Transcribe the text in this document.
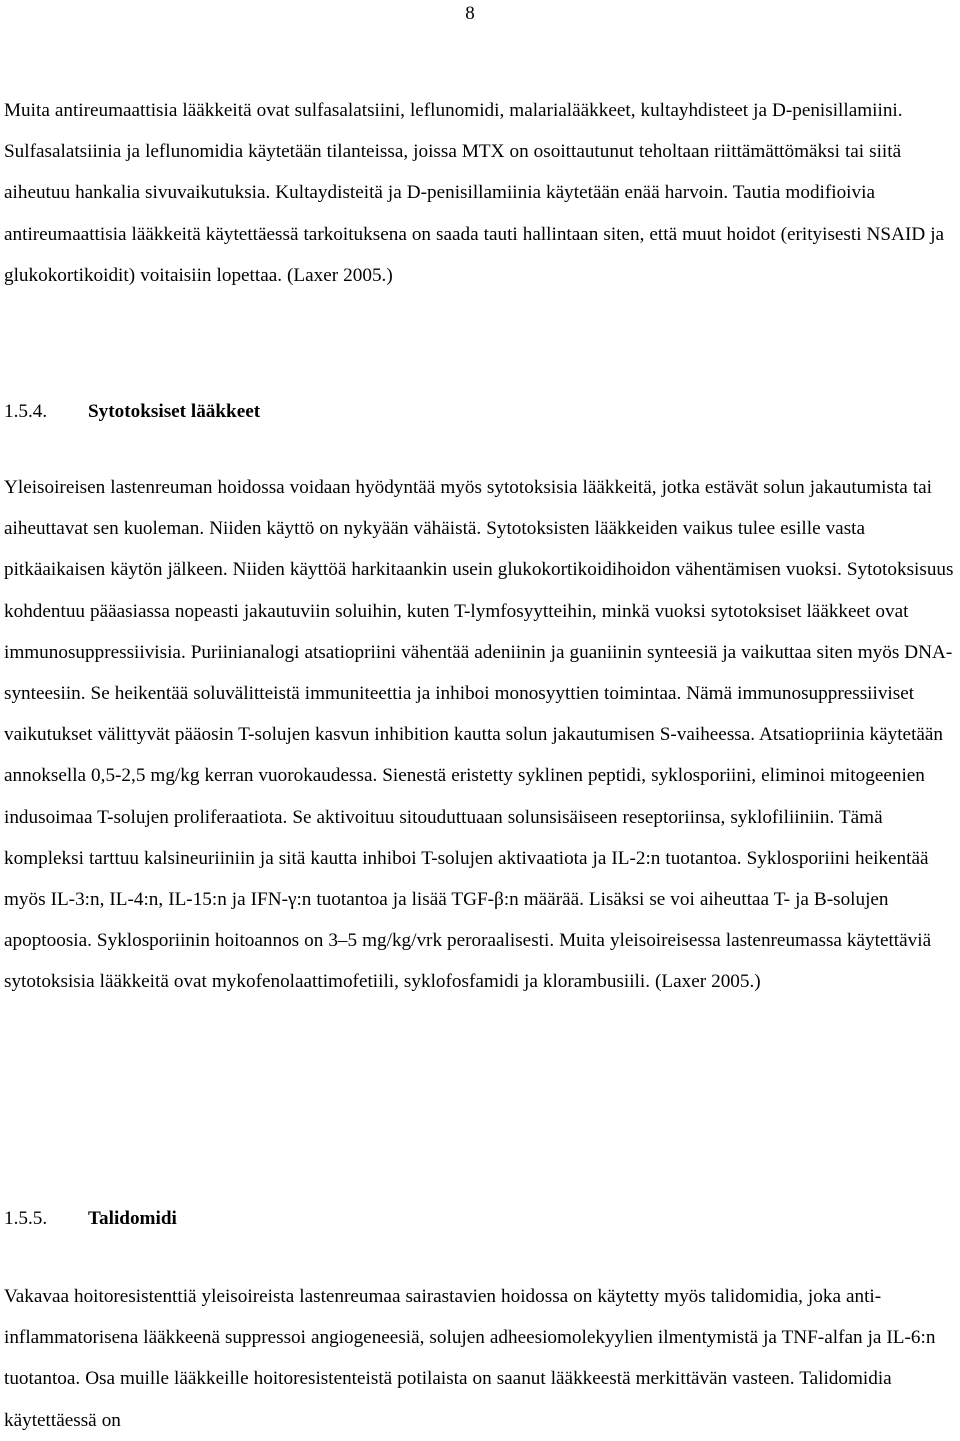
8

Muita antireumaattisia lääkkeitä ovat sulfasalatsiini, leflunomidi, malarialääkkeet, kultayhdisteet ja D-penisillamiini. Sulfasalatsiinia ja leflunomidia käytetään tilanteissa, joissa MTX on osoittautunut teholtaan riittämättömäksi tai siitä aiheutuu hankalia sivuvaikutuksia. Kultaydisteitä ja D-penisillamiinia käytetään enää harvoin. Tautia modifioivia antireumaattisia lääkkeitä käytettäessä tarkoituksena on saada tauti hallintaan siten, että muut hoidot (erityisesti NSAID ja glukokortikoidit) voitaisiin lopettaa. (Laxer 2005.)

1.5.4. Sytotoksiset lääkkeet

Yleisoireisen lastenreuman hoidossa voidaan hyödyntää myös sytotoksisia lääkkeitä, jotka estävät solun jakautumista tai aiheuttavat sen kuoleman. Niiden käyttö on nykyään vähäistä. Sytotoksisten lääkkeiden vaikus tulee esille vasta pitkäaikaisen käytön jälkeen. Niiden käyttöä harkitaankin usein glukokortikoidihoidon vähentämisen vuoksi. Sytotoksisuus kohdentuu pääasiassa nopeasti jakautuviin soluihin, kuten T-lymfosyytteihin, minkä vuoksi sytotoksiset lääkkeet ovat immunosuppressiivisia. Puriinianalogi atsatiopriini vähentää adeniinin ja guaniinin synteesiä ja vaikuttaa siten myös DNA-synteesiin. Se heikentää soluvälitteistä immuniteettia ja inhiboi monosyyttien toimintaa. Nämä immunosuppressiiviset vaikutukset välittyvät pääosin T-solujen kasvun inhibition kautta solun jakautumisen S-vaiheessa. Atsatiopriinia käytetään annoksella 0,5-2,5 mg/kg kerran vuorokaudessa. Sienestä eristetty syklinen peptidi, syklosporiini, eliminoi mitogeenien indusoimaa T-solujen proliferaatiota. Se aktivoituu sitouduttuaan solunsisäiseen reseptoriinsa, syklofiliiniin. Tämä kompleksi tarttuu kalsineuriiniin ja sitä kautta inhiboi T-solujen aktivaatiota ja IL-2:n tuotantoa. Syklosporiini heikentää myös IL-3:n, IL-4:n, IL-15:n ja IFN-γ:n tuotantoa ja lisää TGF-β:n määrää. Lisäksi se voi aiheuttaa T- ja B-solujen apoptoosia. Syklosporiinin hoitoannos on 3–5 mg/kg/vrk peroraalisesti. Muita yleisoireisessa lastenreumassa käytettäviä sytotoksisia lääkkeitä ovat mykofenolaattimofetiili, syklofosfamidi ja klorambusiili. (Laxer 2005.)

1.5.5. Talidomidi

Vakavaa hoitoresistenttiä yleisoireista lastenreumaa sairastavien hoidossa on käytetty myös talidomidia, joka anti-inflammatorisena lääkkeenä suppressoi angiogeneesiä, solujen adheesiomolekyylien ilmentymistä ja TNF-alfan ja IL-6:n tuotantoa. Osa muille lääkkeille hoitoresistenteistä potilaista on saanut lääkkeestä merkittävän vasteen. Talidomidia käytettäessä on
